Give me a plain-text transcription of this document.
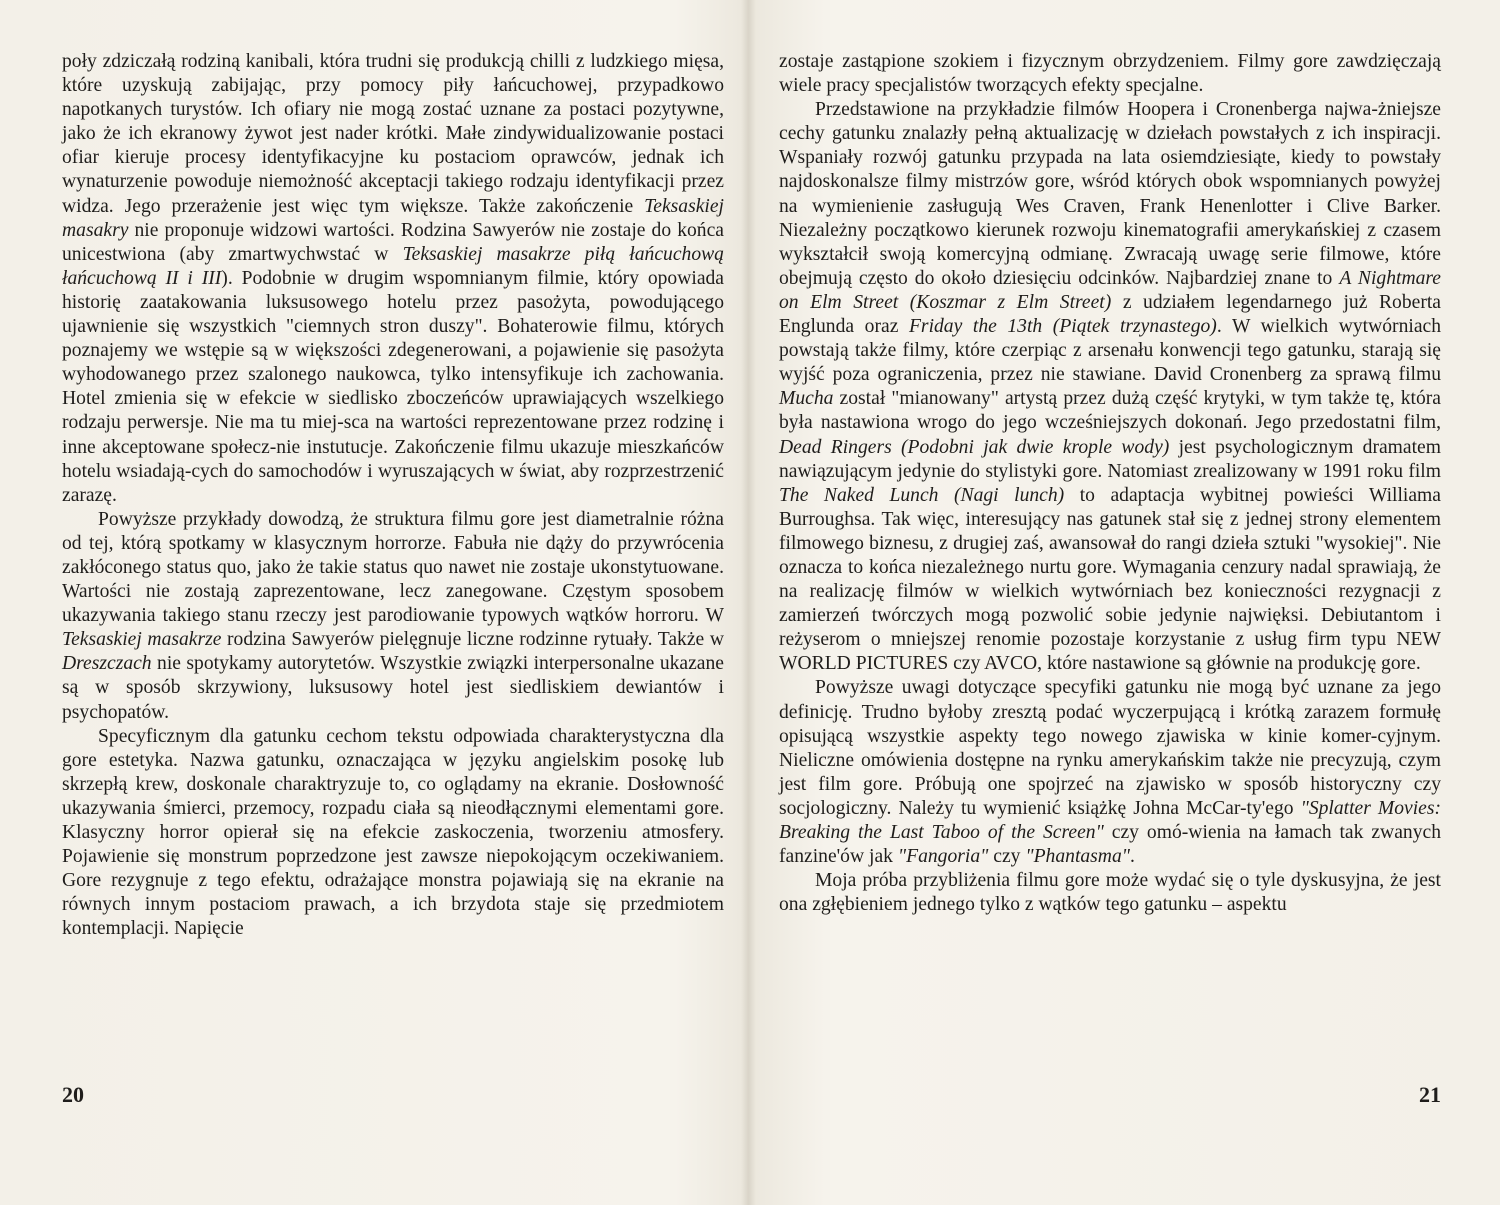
poły zdziczałą rodziną kanibali, która trudni się produkcją chilli z ludzkiego mięsa, które uzyskują zabijając, przy pomocy piły łańcuchowej, przypadkowo napotkanych turystów. Ich ofiary nie mogą zostać uznane za postaci pozytywne, jako że ich ekranowy żywot jest nader krótki. Małe zindywidualizowanie postaci ofiar kieruje procesy identyfikacyjne ku postaciom oprawców, jednak ich wynaturzenie powoduje niemożność akceptacji takiego rodzaju identyfikacji przez widza. Jego przerażenie jest więc tym większe. Także zakończenie Teksaskiej masakry nie proponuje widzowi wartości. Rodzina Sawyerów nie zostaje do końca unicestwiona (aby zmartwychwstać w Teksaskiej masakrze piłą łańcuchową łańcuchową II i III). Podobnie w drugim wspomnianym filmie, który opowiada historię zaatakowania luksusowego hotelu przez pasożyta, powodującego ujawnienie się wszystkich "ciemnych stron duszy". Bohaterowie filmu, których poznajemy we wstępie są w większości zdegenerowani, a pojawienie się pasożyta wyhodowanego przez szalonego naukowca, tylko intensyfikuje ich zachowania. Hotel zmienia się w efekcie w siedlisko zboczeńców uprawiających wszelkiego rodzaju perwersje. Nie ma tu miej-sca na wartości reprezentowane przez rodzinę i inne akceptowane społecz-nie instutucje. Zakończenie filmu ukazuje mieszkańców hotelu wsiadają-cych do samochodów i wyruszających w świat, aby rozprzestrzenić zarazę.

Powyższe przykłady dowodzą, że struktura filmu gore jest diametralnie różna od tej, którą spotkamy w klasycznym horrorze. Fabuła nie dąży do przywrócenia zakłóconego status quo, jako że takie status quo nawet nie zostaje ukonstytuowane. Wartości nie zostają zaprezentowane, lecz zanegowane. Częstym sposobem ukazywania takiego stanu rzeczy jest parodiowanie typowych wątków horroru. W Teksaskiej masakrze rodzina Sawyerów pielęgnuje liczne rodzinne rytuały. Także w Dreszczach nie spotykamy autorytetów. Wszystkie związki interpersonalne ukazane są w sposób skrzywiony, luksusowy hotel jest siedliskiem dewiantów i psychopatów.

Specyficznym dla gatunku cechom tekstu odpowiada charakterystyczna dla gore estetyka. Nazwa gatunku, oznaczająca w języku angielskim posokę lub skrzepłą krew, doskonale charaktryzuje to, co oglądamy na ekranie. Dosłowność ukazywania śmierci, przemocy, rozpadu ciała są nieodłącznymi elementami gore. Klasyczny horror opierał się na efekcie zaskoczenia, tworzeniu atmosfery. Pojawienie się monstrum poprzedzone jest zawsze niepokojącym oczekiwaniem. Gore rezygnuje z tego efektu, odrażające monstra pojawiają się na ekranie na równych innym postaciom prawach, a ich brzydota staje się przedmiotem kontemplacji. Napięcie

zostaje zastąpione szokiem i fizycznym obrzydzeniem. Filmy gore zawdzięczają wiele pracy specjalistów tworzących efekty specjalne.

Przedstawione na przykładzie filmów Hoopera i Cronenberga najwa-żniejsze cechy gatunku znalazły pełną aktualizację w dziełach powstałych z ich inspiracji. Wspaniały rozwój gatunku przypada na lata osiemdziesiąte, kiedy to powstały najdoskonalsze filmy mistrzów gore, wśród których obok wspomnianych powyżej na wymienienie zasługują Wes Craven, Frank Henenlotter i Clive Barker. Niezależny początkowo kierunek rozwoju kinematografii amerykańskiej z czasem wykształcił swoją komercyjną odmianę. Zwracają uwagę serie filmowe, które obejmują często do około dziesięciu odcinków. Najbardziej znane to A Nightmare on Elm Street (Koszmar z Elm Street) z udziałem legendarnego już Roberta Englunda oraz Friday the 13th (Piątek trzynastego). W wielkich wytwórniach powstają także filmy, które czerpiąc z arsenału konwencji tego gatunku, starają się wyjść poza ograniczenia, przez nie stawiane. David Cronenberg za sprawą filmu Mucha został "mianowany" artystą przez dużą część krytyki, w tym także tę, która była nastawiona wrogo do jego wcześniejszych dokonań. Jego przedostatni film, Dead Ringers (Podobni jak dwie krople wody) jest psychologicznym dramatem nawiązującym jedynie do stylistyki gore. Natomiast zrealizowany w 1991 roku film The Naked Lunch (Nagi lunch) to adaptacja wybitnej powieści Williama Burroughsa. Tak więc, interesujący nas gatunek stał się z jednej strony elementem filmowego biznesu, z drugiej zaś, awansował do rangi dzieła sztuki "wysokiej". Nie oznacza to końca niezależnego nurtu gore. Wymagania cenzury nadal sprawiają, że na realizację filmów w wielkich wytwórniach bez konieczności rezygnacji z zamierzeń twórczych mogą pozwolić sobie jedynie najwięksi. Debiutantom i reżyserom o mniejszej renomie pozostaje korzystanie z usług firm typu NEW WORLD PICTURES czy AVCO, które nastawione są głównie na produkcję gore.

Powyższe uwagi dotyczące specyfiki gatunku nie mogą być uznane za jego definicję. Trudno byłoby zresztą podać wyczerpującą i krótką zarazem formułę opisującą wszystkie aspekty tego nowego zjawiska w kinie komer-cyjnym. Nieliczne omówienia dostępne na rynku amerykańskim także nie precyzują, czym jest film gore. Próbują one spojrzeć na zjawisko w sposób historyczny czy socjologiczny. Należy tu wymienić książkę Johna McCar-ty'ego "Splatter Movies: Breaking the Last Taboo of the Screen" czy omó-wienia na łamach tak zwanych fanzine'ów jak "Fangoria" czy "Phantasma".

Moja próba przybliżenia filmu gore może wydać się o tyle dyskusyjna, że jest ona zgłębieniem jednego tylko z wątków tego gatunku – aspektu

20	21
